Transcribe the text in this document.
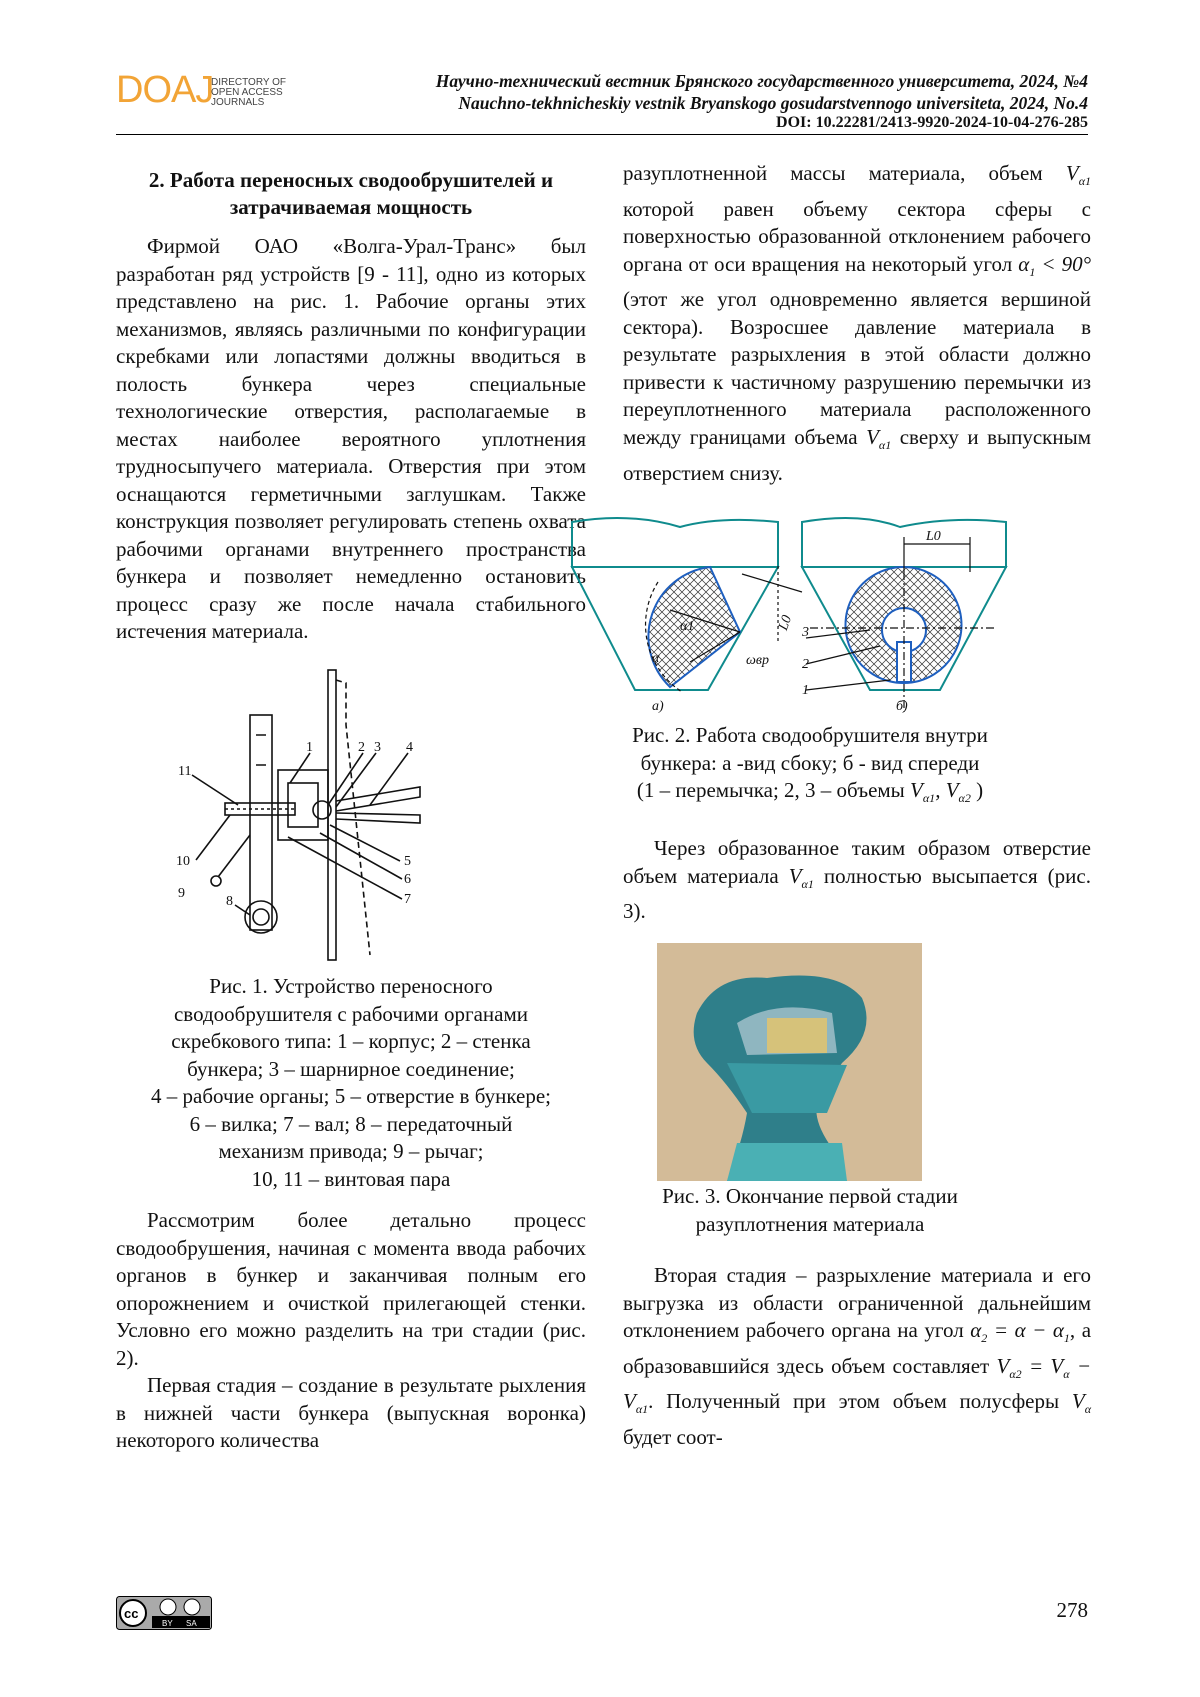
DOAJ
DIRECTORY OF
OPEN ACCESS
JOURNALS
Научно-технический вестник Брянского государственного университета, 2024, №4
Nauchno-tekhnicheskiy vestnik Bryanskogo gosudarstvennogo universiteta, 2024, No.4
DOI: 10.22281/2413-9920-2024-10-04-276-285
2. Работа переносных сводообрушителей и затрачиваемая мощность

Фирмой ОАО «Волга-Урал-Транс» был разработан ряд устройств [9 - 11], одно из которых представлено на рис. 1. Рабочие органы этих механизмов, являясь различными по конфигурации скребками или лопастями должны вводиться в полость бункера через специальные технологические отверстия, располагаемые в местах наиболее вероятного уплотнения трудносыпучего материала. Отверстия при этом оснащаются герметичными заглушкам. Также конструкция позволяет регулировать степень охвата рабочими органами внутреннего пространства бункера и позволяет немедленно остановить процесс сразу же после начала стабильного истечения материала.

1	2 3 4
5
6
7
8
9
10
11
Рис. 1. Устройство переносного
сводообрушителя с рабочими органами
скребкового типа: 1 – корпус; 2 – стенка
бункера; 3 – шарнирное соединение;
4 – рабочие органы; 5 – отверстие в бункере;
6 – вилка; 7 – вал; 8 – передаточный
механизм привода; 9 – рычаг;
10, 11 – винтовая пара

Рассмотрим более детально процесс сводообрушения, начиная с момента ввода рабочих органов в бункер и заканчивая полным его опорожнением и очисткой прилегающей стенки. Условно его можно разделить на три стадии (рис. 2).

Первая стадия – создание в результате рыхления в нижней части бункера (выпускная воронка) некоторого количества

разуплотненной массы материала, объем $V_{\alpha 1}$ которой равен объему сектора сферы с поверхностью образованной отклонением рабочего органа от оси вращения на некоторый угол $\alpha_1 < 90^\circ$ (этот же угол одновременно является вершиной сектора). Возросшее давление материала в результате разрыхления в этой области должно привести к частичному разрушению перемычки из переуплотненного материала расположенного между границами объема $V_{\alpha 1}$ сверху и выпускным отверстием снизу.
а)	б)
L0
L0
α
α1
ωвр
3
2
1
Рис. 2. Работа сводообрушителя внутри
бункера: а -вид сбоку; б - вид спереди
(1 – перемычка; 2, 3 – объемы $V_{\alpha 1}$, $V_{\alpha 2}$ )

Через образованное таким образом отверстие объем материала $V_{\alpha 1}$ полностью высыпается (рис. 3).

Рис. 3. Окончание первой стадии
разуплотнения материала

Вторая стадия – разрыхление материала и его выгрузка из области ограниченной дальнейшим отклонением рабочего органа на угол $\alpha_2 = \alpha - \alpha_1$, а образовавшийся здесь объем составляет $V_{\alpha 2} = V_\alpha - V_{\alpha 1}$. Полученный при этом объем полусферы $V_\alpha$ будет соот-

cc
BY SA
278
